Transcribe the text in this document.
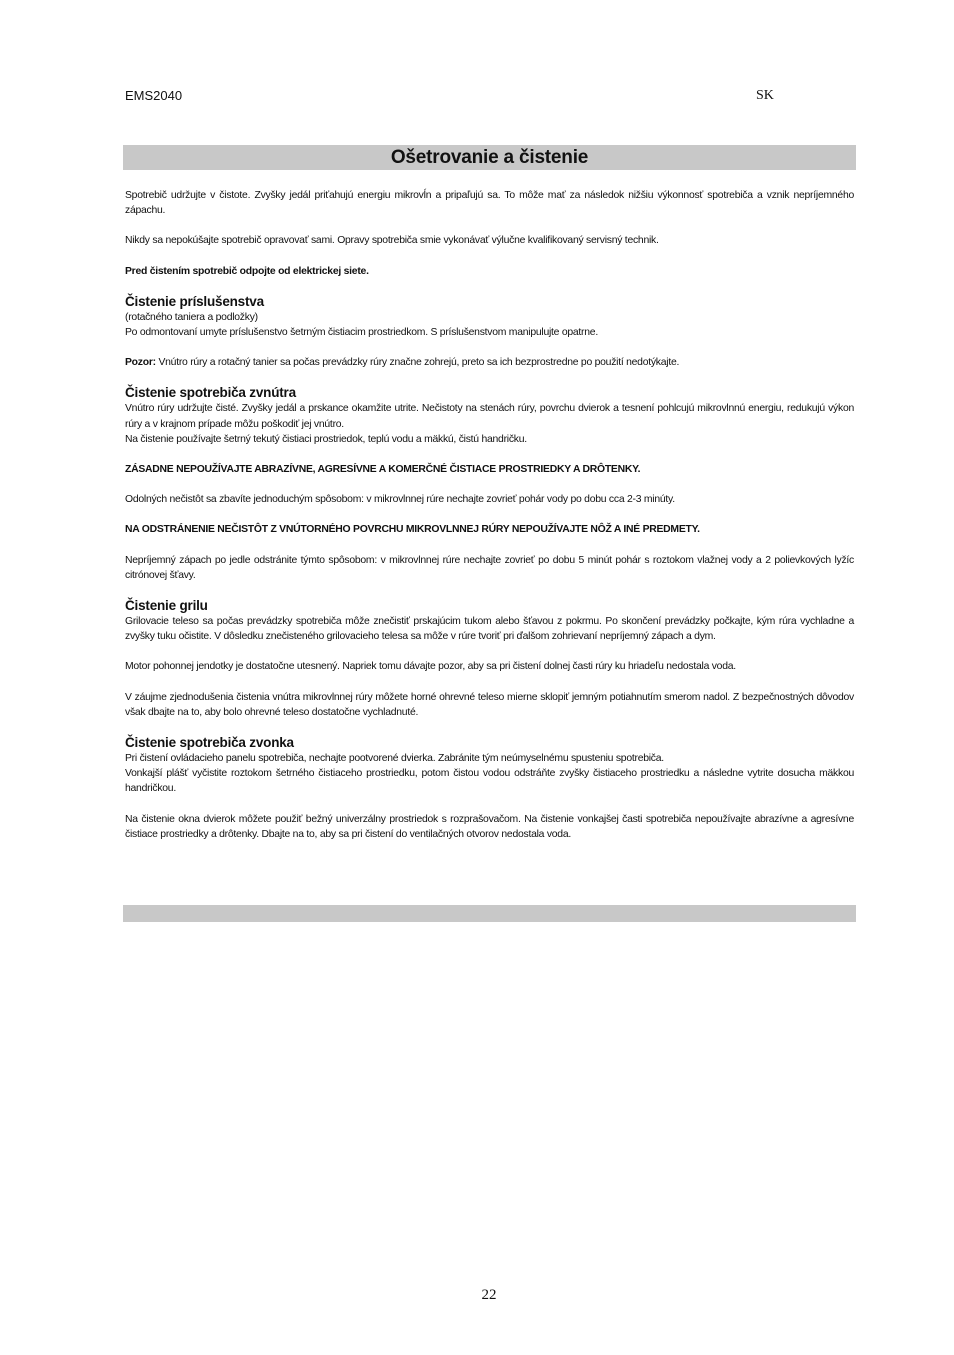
EMS2040	SK
Ošetrovanie a čistenie

Spotrebič udržujte v čistote. Zvyšky jedál priťahujú energiu mikrovĺn a pripaľujú sa. To môže mať za následok nižšiu výkonnosť spotrebiča a vznik nepríjemného zápachu.

Nikdy sa nepokúšajte spotrebič opravovať sami. Opravy spotrebiča smie vykonávať výlučne kvalifikovaný servisný technik.

Pred čistením spotrebič odpojte od elektrickej siete.

Čistenie príslušenstva

(rotačného taniera a podložky)

Po odmontovaní umyte príslušenstvo šetrným čistiacim prostriedkom. S príslušenstvom manipulujte opatrne.

Pozor: Vnútro rúry a rotačný tanier sa počas prevádzky rúry značne zohrejú, preto sa ich bezprostredne po použití nedotýkajte.

Čistenie spotrebiča zvnútra

Vnútro rúry udržujte čisté. Zvyšky jedál a prskance okamžite utrite. Nečistoty na stenách rúry, povrchu dvierok a tesnení pohlcujú mikrovlnnú energiu, redukujú výkon rúry a v krajnom prípade môžu poškodiť jej vnútro.

Na čistenie používajte šetrný tekutý čistiaci prostriedok, teplú vodu a mäkkú, čistú handričku.

ZÁSADNE NEPOUŽÍVAJTE ABRAZÍVNE, AGRESÍVNE A KOMERČNÉ ČISTIACE PROSTRIEDKY A DRÔTENKY.

Odolných nečistôt sa zbavíte jednoduchým spôsobom: v mikrovlnnej rúre nechajte zovrieť pohár vody po dobu cca 2-3 minúty.

NA ODSTRÁNENIE NEČISTÔT Z VNÚTORNÉHO POVRCHU MIKROVLNNEJ RÚRY NEPOUŽÍVAJTE NÔŽ A INÉ PREDMETY.

Nepríjemný zápach po jedle odstránite týmto spôsobom: v mikrovlnnej rúre nechajte zovrieť po dobu 5 minút pohár s roztokom vlažnej vody a 2 polievkových lyžíc citrónovej šťavy.

Čistenie grilu

Grilovacie teleso sa počas prevádzky spotrebiča môže znečistiť prskajúcim tukom alebo šťavou z pokrmu. Po skončení prevádzky počkajte, kým rúra vychladne a zvyšky tuku očistite. V dôsledku znečisteného grilovacieho telesa sa môže v rúre tvoriť pri ďalšom zohrievaní nepríjemný zápach a dym.

Motor pohonnej jendotky je dostatočne utesnený. Napriek tomu dávajte pozor, aby sa pri čistení dolnej časti rúry ku hriadeľu nedostala voda.

V záujme zjednodušenia čistenia vnútra mikrovlnnej rúry môžete horné ohrevné teleso mierne sklopiť jemným potiahnutím smerom nadol. Z bezpečnostných dôvodov však dbajte na to, aby bolo ohrevné teleso dostatočne vychladnuté.

Čistenie spotrebiča zvonka

Pri čistení ovládacieho panelu spotrebiča, nechajte pootvorené dvierka. Zabránite tým neúmyselnému spusteniu spotrebiča.

Vonkajší plášť vyčistite roztokom šetrného čistiaceho prostriedku, potom čistou vodou odstráňte zvyšky čistiaceho prostriedku a následne vytrite dosucha mäkkou handričkou.

Na čistenie okna dvierok môžete použiť bežný univerzálny prostriedok s rozprašovačom. Na čistenie vonkajšej časti spotrebiča nepoužívajte abrazívne a agresívne čistiace prostriedky a drôtenky. Dbajte na to, aby sa pri čistení do ventilačných otvorov nedostala voda.

22
